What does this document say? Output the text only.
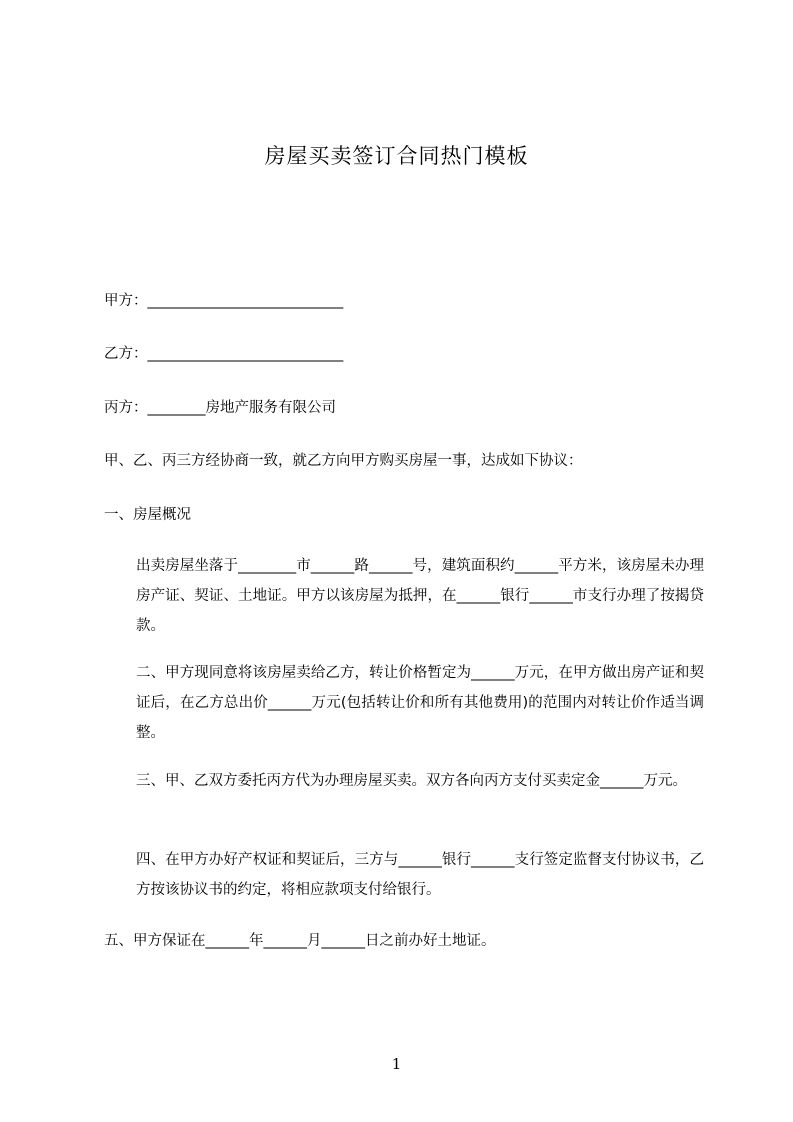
房屋买卖签订合同热门模板
甲方：___________________________
乙方：___________________________
丙方：________房地产服务有限公司
甲、乙、丙三方经协商一致，就乙方向甲方购买房屋一事，达成如下协议：
一、房屋概况

出卖房屋坐落于________市______路______号，建筑面积约______平方米，该房屋未办理房产证、契证、土地证。甲方以该房屋为抵押，在______银行______市支行办理了按揭贷款。

二、甲方现同意将该房屋卖给乙方，转让价格暂定为______万元，在甲方做出房产证和契证后，在乙方总出价______万元(包括转让价和所有其他费用)的范围内对转让价作适当调整。

三、甲、乙双方委托丙方代为办理房屋买卖。双方各向丙方支付买卖定金______万元。

四、在甲方办好产权证和契证后，三方与______银行______支行签定监督支付协议书，乙方按该协议书的约定，将相应款项支付给银行。

五、甲方保证在______年______月______日之前办好土地证。
1
